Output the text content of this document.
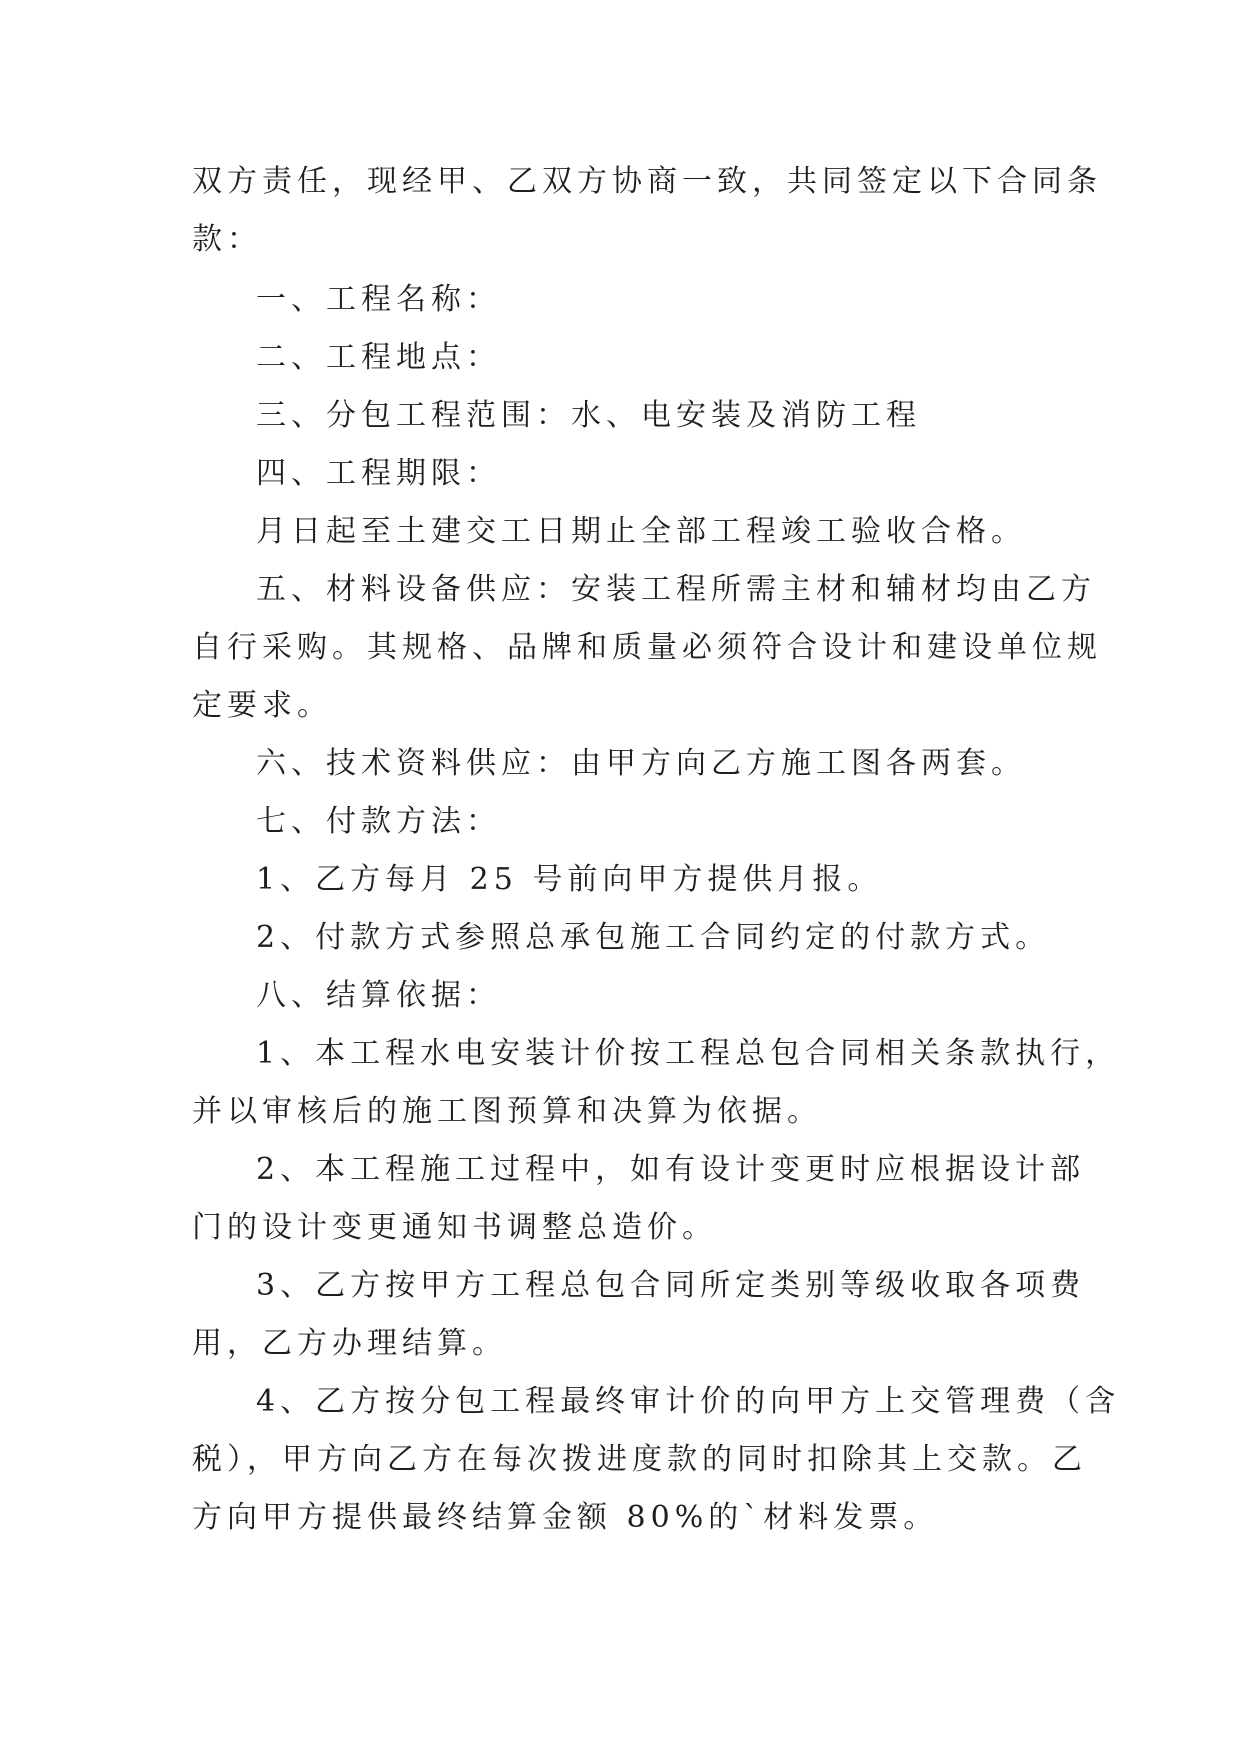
双方责任，现经甲、乙双方协商一致，共同签定以下合同条
款：
一、工程名称：
二、工程地点：
三、分包工程范围：水、电安装及消防工程
四、工程期限：
月日起至土建交工日期止全部工程竣工验收合格。
五、材料设备供应：安装工程所需主材和辅材均由乙方
自行采购。其规格、品牌和质量必须符合设计和建设单位规
定要求。
六、技术资料供应：由甲方向乙方施工图各两套。
七、付款方法：
1、乙方每月 25 号前向甲方提供月报。
2、付款方式参照总承包施工合同约定的付款方式。
八、结算依据：
1、本工程水电安装计价按工程总包合同相关条款执行，
并以审核后的施工图预算和决算为依据。
2、本工程施工过程中，如有设计变更时应根据设计部
门的设计变更通知书调整总造价。
3、乙方按甲方工程总包合同所定类别等级收取各项费
用，乙方办理结算。
4、乙方按分包工程最终审计价的向甲方上交管理费（含
税），甲方向乙方在每次拨进度款的同时扣除其上交款。乙
方向甲方提供最终结算金额 80%的`材料发票。
